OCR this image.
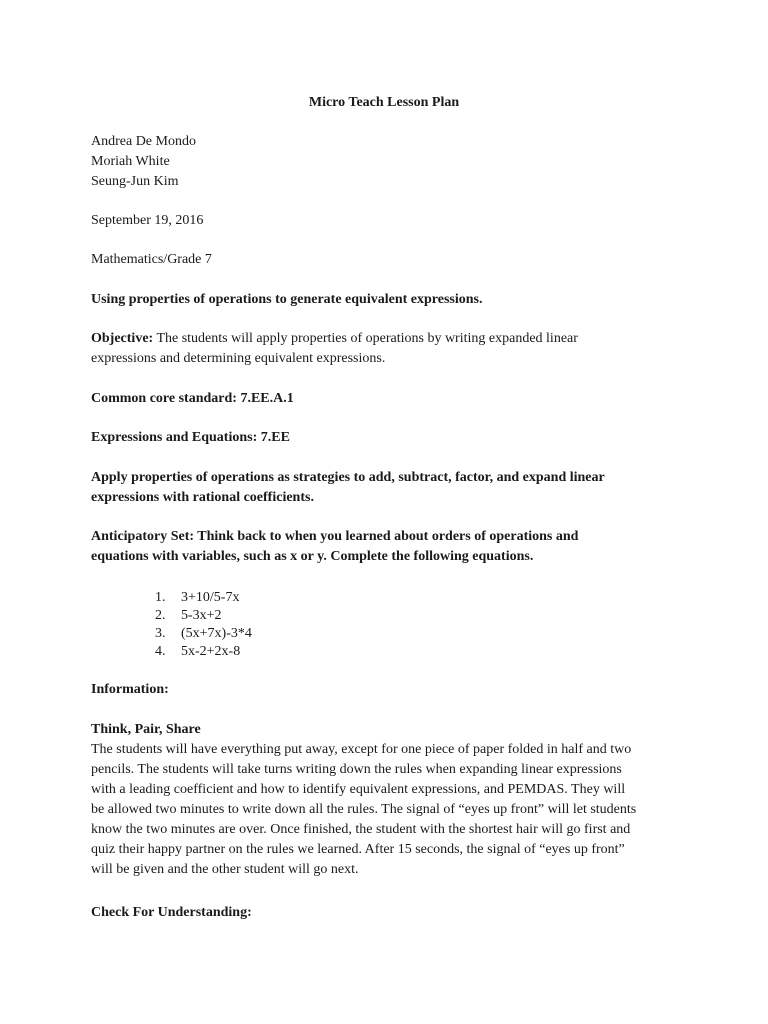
Micro Teach Lesson Plan
Andrea De Mondo
Moriah White
Seung-Jun Kim
September 19, 2016
Mathematics/Grade 7
Using properties of operations to generate equivalent expressions.
Objective: The students will apply properties of operations by writing expanded linear
expressions and determining equivalent expressions.
Common core standard: 7.EE.A.1
Expressions and Equations: 7.EE
Apply properties of operations as strategies to add, subtract, factor, and expand linear
expressions with rational coefficients.
Anticipatory Set: Think back to when you learned about orders of operations and
equations with variables, such as x or y. Complete the following equations.
1. 3+10/5-7x
2. 5-3x+2
3. (5x+7x)-3*4
4. 5x-2+2x-8
Information:
Think, Pair, Share
The students will have everything put away, except for one piece of paper folded in half and two
pencils. The students will take turns writing down the rules when expanding linear expressions
with a leading coefficient and how to identify equivalent expressions, and PEMDAS. They will
be allowed two minutes to write down all the rules. The signal of “eyes up front” will let students
know the two minutes are over. Once finished, the student with the shortest hair will go first and
quiz their happy partner on the rules we learned. After 15 seconds, the signal of “eyes up front”
will be given and the other student will go next.
Check For Understanding:
